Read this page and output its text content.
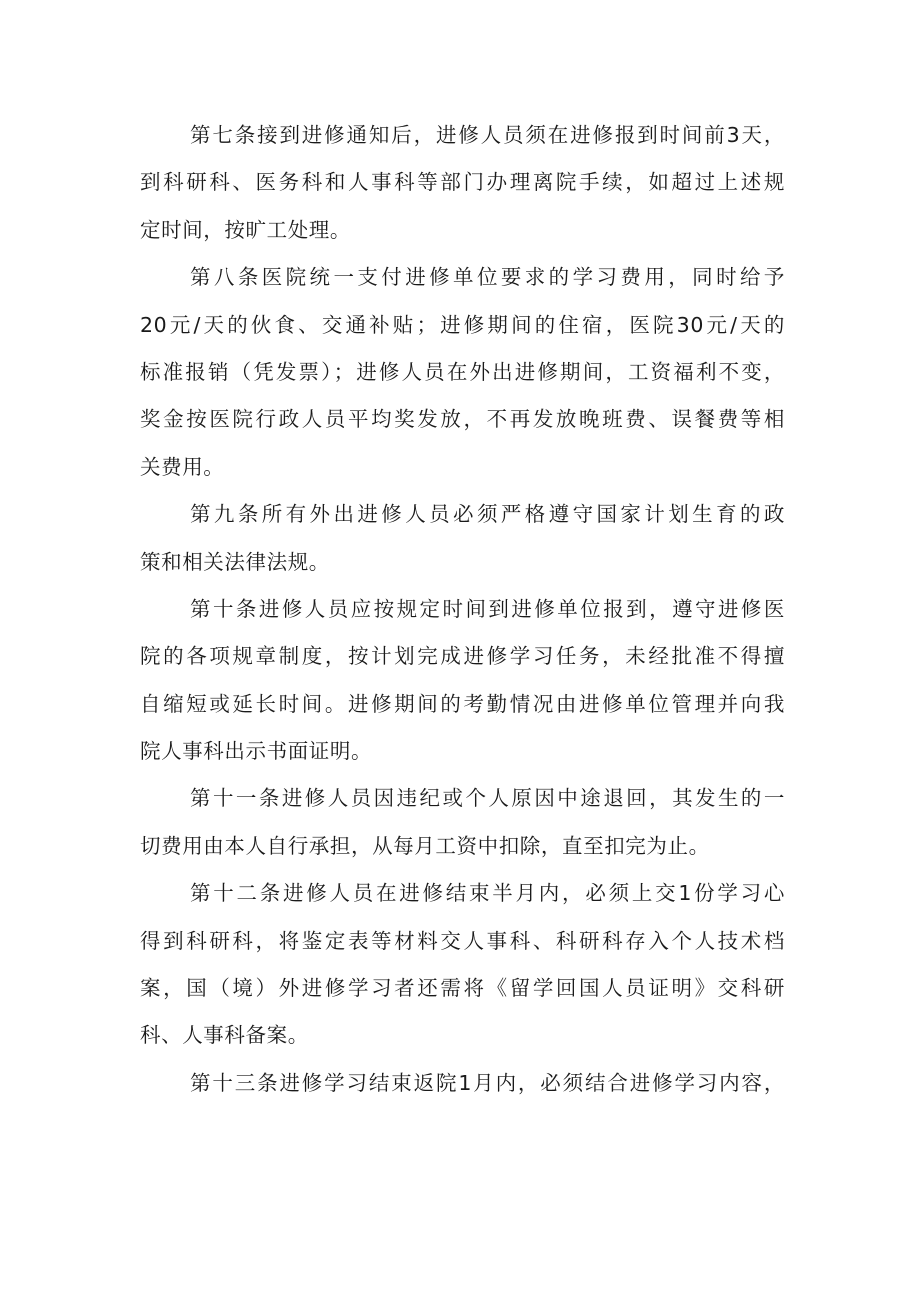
第七条接到进修通知后，进修人员须在进修报到时间前3天，
到科研科、医务科和人事科等部门办理离院手续，如超过上述规
定时间，按旷工处理。
第八条医院统一支付进修单位要求的学习费用，同时给予
20元/天的伙食、交通补贴；进修期间的住宿，医院30元/天的
标准报销（凭发票）；进修人员在外出进修期间，工资福利不变，
奖金按医院行政人员平均奖发放，不再发放晚班费、误餐费等相
关费用。
第九条所有外出进修人员必须严格遵守国家计划生育的政
策和相关法律法规。
第十条进修人员应按规定时间到进修单位报到，遵守进修医
院的各项规章制度，按计划完成进修学习任务，未经批准不得擅
自缩短或延长时间。进修期间的考勤情况由进修单位管理并向我
院人事科出示书面证明。
第十一条进修人员因违纪或个人原因中途退回，其发生的一
切费用由本人自行承担，从每月工资中扣除，直至扣完为止。
第十二条进修人员在进修结束半月内，必须上交1份学习心
得到科研科，将鉴定表等材料交人事科、科研科存入个人技术档
案，国（境）外进修学习者还需将《留学回国人员证明》交科研
科、人事科备案。
第十三条进修学习结束返院1月内，必须结合进修学习内容，
